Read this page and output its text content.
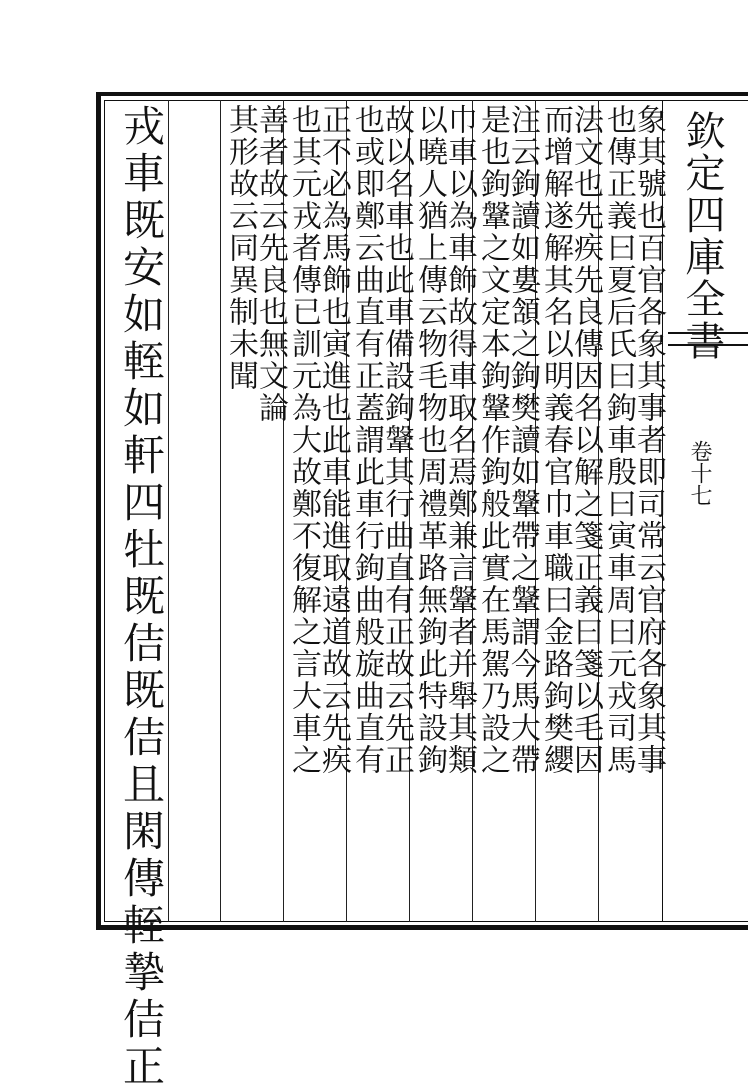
欽定四庫全書
卷十七
象其號也百官各象其事者即司常云官府各象其事
也傳正義曰夏后氏曰鉤車殷曰寅車周曰元戎司馬
法文也先疾先良傳因名以解之箋正義曰箋以毛因
而增解遂解其名以明義春官巾車職曰金路鉤樊纓
注云鉤讀如婁頷之鉤樊讀如鞶帶之鞶謂今馬大帶
是也鉤鞶之文定本鉤鞶作鉤般此實在馬駕乃設之
巾車以為車飾故得車取名焉鄭兼言鞶者并舉其類
以曉人猶上傳云物毛物也周禮革路無鉤此特設鉤
故以名車也此車備設鉤鞶其行曲直有正故云先正
也或即鄭云曲直有正蓋謂此車行鉤曲般旋曲直有
正不必為馬飾也寅進也此車能進取遠道故云先疾
也其元戎者傳已訓元為大故鄭不復解之言大車之
善者故云先良也無文論
其形故云同異制未聞
戎車既安如輊如軒四牡既佶既佶且閑傳輊摯佶正
